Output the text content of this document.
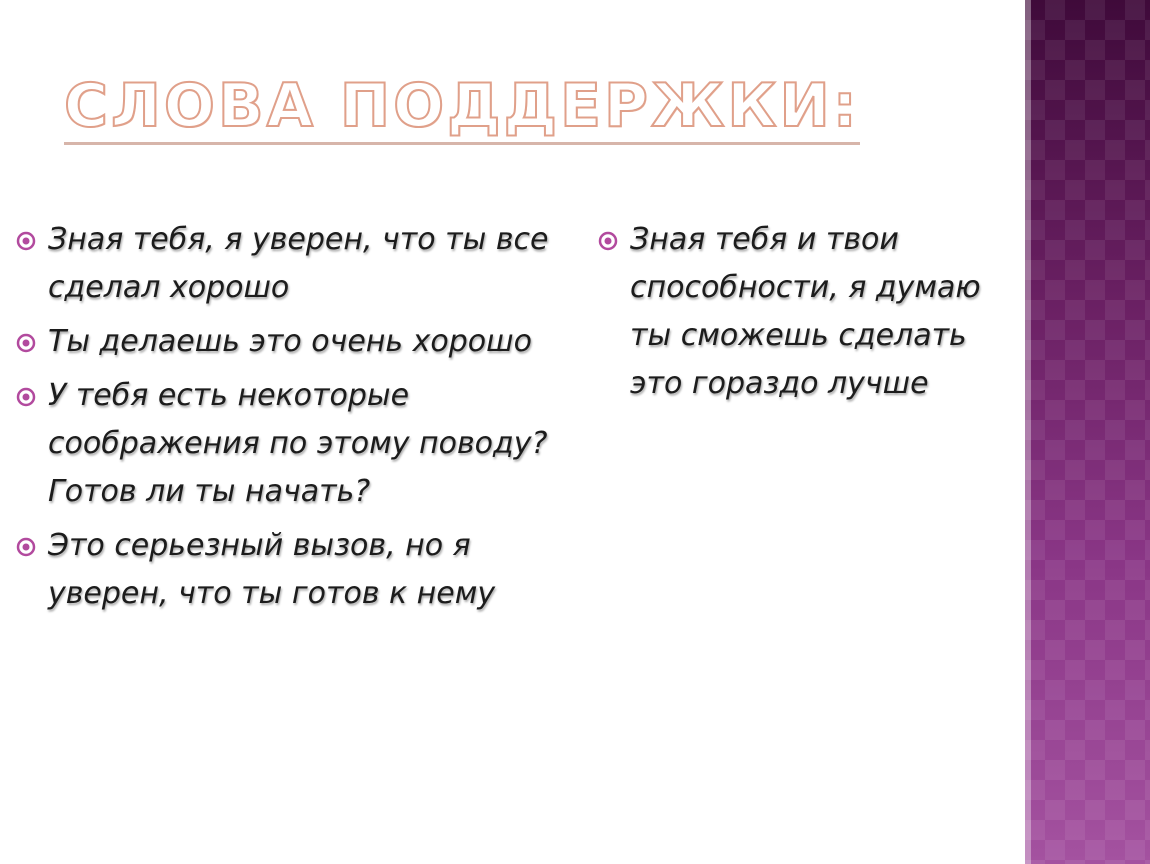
СЛОВА ПОДДЕРЖКИ:
Зная тебя, я уверен, что ты все сделал хорошо
Ты делаешь это очень хорошо
У тебя есть некоторые соображения по этому поводу? Готов ли ты начать?
Это серьезный вызов, но я уверен, что ты готов к нему
Зная тебя и твои способности, я думаю ты сможешь сделать это гораздо лучше
